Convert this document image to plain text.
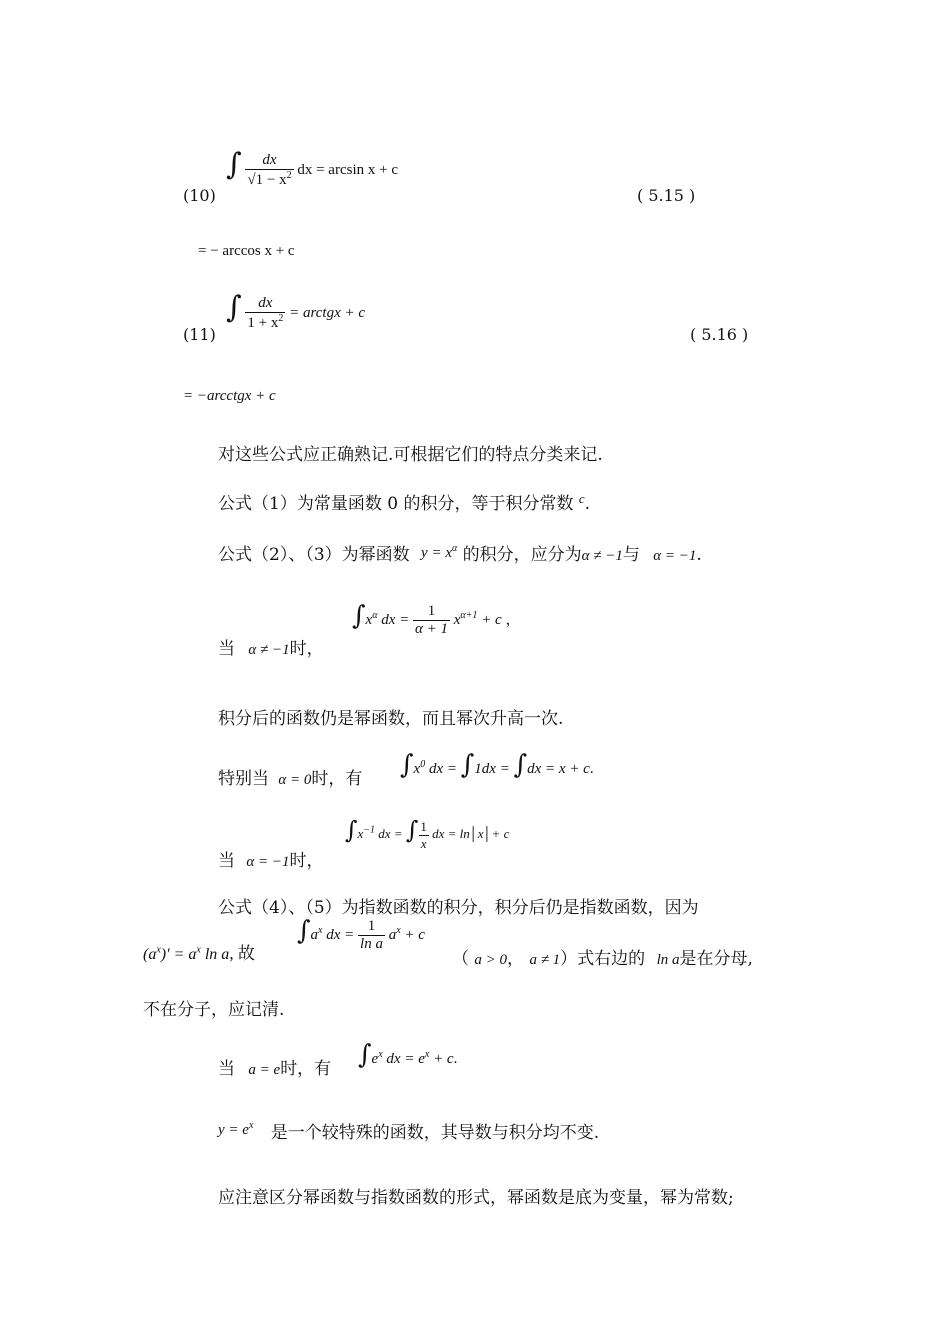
(10)
∫ $\frac{dx}{√1 - x^2}$ dx = arcsin x + c
( 5.15 )
= − arccos x + c
(11)
∫ $\frac{dx}{1 + x^2}$ = arctgx + c
( 5.16 )
= −arcctgx + c
对这些公式应正确熟记.可根据它们的特点分类来记.
公式（1）为常量函数 0 的积分，等于积分常数 $^c$.
公式（2）、（3）为幂函数 $y = x^\alpha$ 的积分，应分为α ≠ −1与 α = −1.
当 α ≠ −1时，
$\int x^\alpha$ dx = $\frac{1}{\alpha + 1} x^{\alpha+1} + c$ ，
积分后的函数仍是幂函数，而且幂次升高一次.
特别当 α = 0时，有 $\int x^0$ dx = ∫1dx = ∫dx = x + c.
当 α = −1时，
$\int x^{-1}$ dx = ∫ $\frac{1}{x}$ dx = ln│x│+ c
公式（4）、（5）为指数函数的积分，积分后仍是指数函数，因为
$(a^x)' = a^x$ ln a, 故
$\int a^x$ dx = $\frac{1}{\text{ln a}} a^x + c$
（ a > 0， a ≠ 1）式右边的 ln a是在分母,
不在分子，应记清.
当 a = e时，有 $\int e^x$ dx = $e^x + c$.
$y = e^x$ 是一个较特殊的函数，其导数与积分均不变.
应注意区分幂函数与指数函数的形式，幂函数是底为变量，幂为常数;
